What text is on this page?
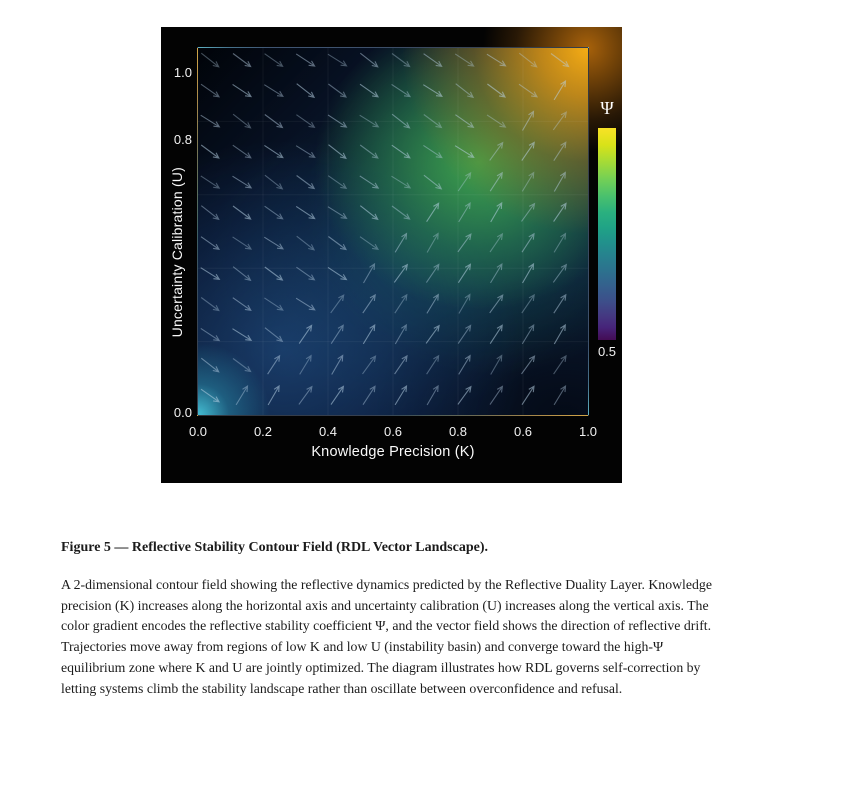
1.0
0.8
0.0
0.0	0.2	0.4	0.6	0.8	0.6	1.0
Uncertainty Calibration (U)
Knowledge Precision (K)
Ψ
0.5

Figure 5 — Reflective Stability Contour Field (RDL Vector Landscape).

A 2-dimensional contour field showing the reflective dynamics predicted by the Reflective Duality Layer. Knowledge precision (K) increases along the horizontal axis and uncertainty calibration (U) increases along the vertical axis. The color gradient encodes the reflective stability coefficient Ψ, and the vector field shows the direction of reflective drift. Trajectories move away from regions of low K and low U (instability basin) and converge toward the high-Ψ equilibrium zone where K and U are jointly optimized. The diagram illustrates how RDL governs self-correction by letting systems climb the stability landscape rather than oscillate between overconfidence and refusal.
